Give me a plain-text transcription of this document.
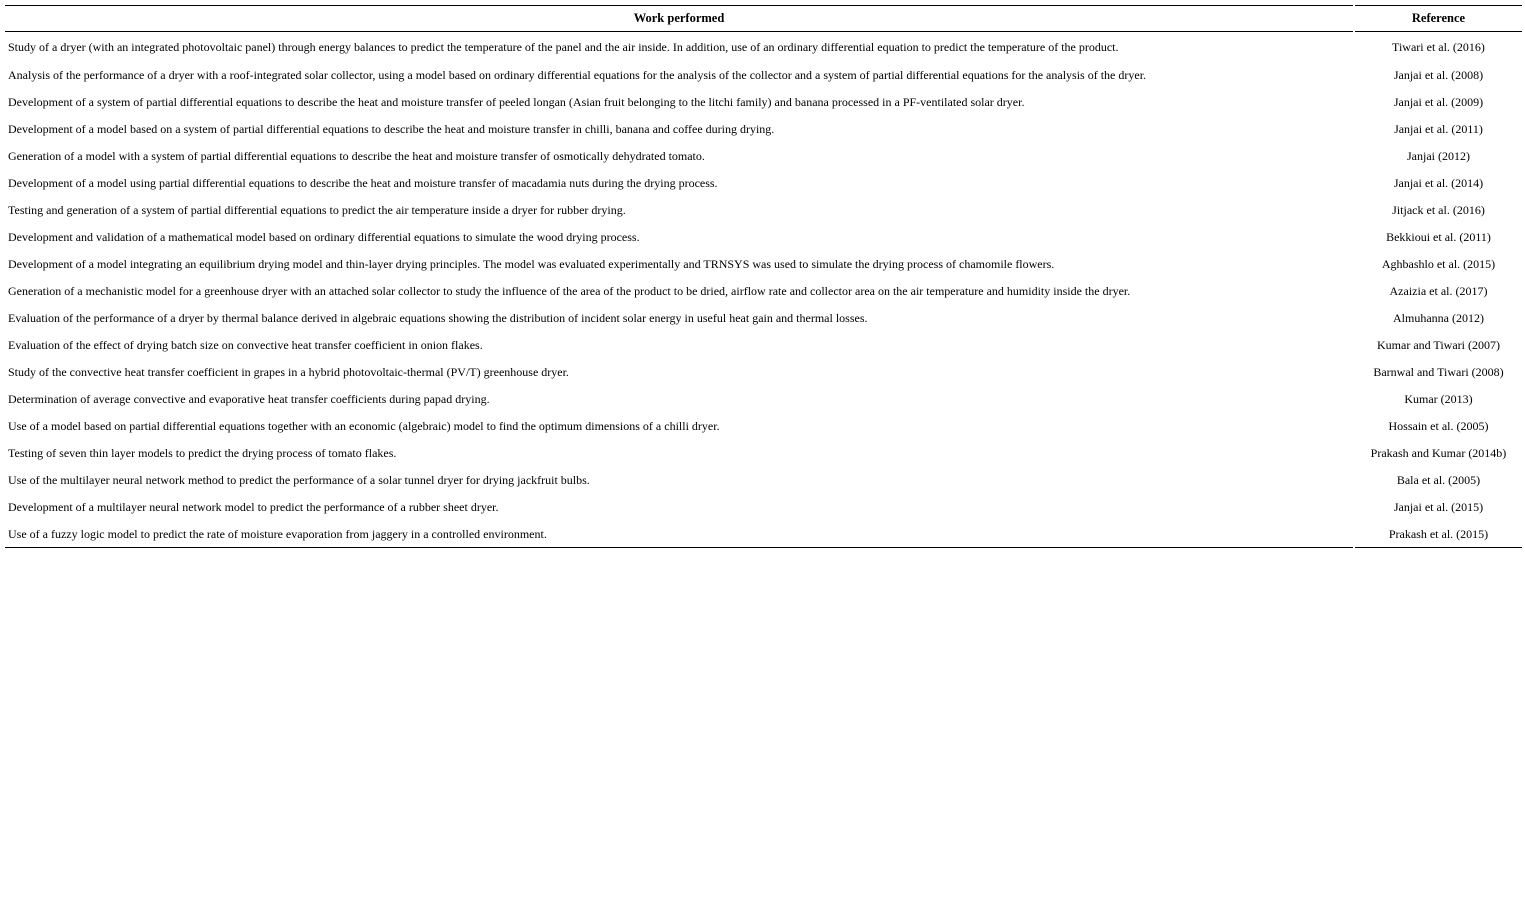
Work performed	Reference
Study of a dryer (with an integrated photovoltaic panel) through energy balances to predict the temperature of the panel and the air inside. In addition, use of an ordinary differential equation to predict the temperature of the product.	Tiwari et al. (2016)
Analysis of the performance of a dryer with a roof-integrated solar collector, using a model based on ordinary differential equations for the analysis of the collector and a system of partial differential equations for the analysis of the dryer.	Janjai et al. (2008)
Development of a system of partial differential equations to describe the heat and moisture transfer of peeled longan (Asian fruit belonging to the litchi family) and banana processed in a PF-ventilated solar dryer.	Janjai et al. (2009)
Development of a model based on a system of partial differential equations to describe the heat and moisture transfer in chilli, banana and coffee during drying.	Janjai et al. (2011)
Generation of a model with a system of partial differential equations to describe the heat and moisture transfer of osmotically dehydrated tomato.	Janjai (2012)
Development of a model using partial differential equations to describe the heat and moisture transfer of macadamia nuts during the drying process.	Janjai et al. (2014)
Testing and generation of a system of partial differential equations to predict the air temperature inside a dryer for rubber drying.	Jitjack et al. (2016)
Development and validation of a mathematical model based on ordinary differential equations to simulate the wood drying process.	Bekkioui et al. (2011)
Development of a model integrating an equilibrium drying model and thin-layer drying principles. The model was evaluated experimentally and TRNSYS was used to simulate the drying process of chamomile flowers.	Aghbashlo et al. (2015)
Generation of a mechanistic model for a greenhouse dryer with an attached solar collector to study the influence of the area of the product to be dried, airflow rate and collector area on the air temperature and humidity inside the dryer.	Azaizia et al. (2017)
Evaluation of the performance of a dryer by thermal balance derived in algebraic equations showing the distribution of incident solar energy in useful heat gain and thermal losses.	Almuhanna (2012)
Evaluation of the effect of drying batch size on convective heat transfer coefficient in onion flakes.	Kumar and Tiwari (2007)
Study of the convective heat transfer coefficient in grapes in a hybrid photovoltaic-thermal (PV/T) greenhouse dryer.	Barnwal and Tiwari (2008)
Determination of average convective and evaporative heat transfer coefficients during papad drying.	Kumar (2013)
Use of a model based on partial differential equations together with an economic (algebraic) model to find the optimum dimensions of a chilli dryer.	Hossain et al. (2005)
Testing of seven thin layer models to predict the drying process of tomato flakes.	Prakash and Kumar (2014b)
Use of the multilayer neural network method to predict the performance of a solar tunnel dryer for drying jackfruit bulbs.	Bala et al. (2005)
Development of a multilayer neural network model to predict the performance of a rubber sheet dryer.	Janjai et al. (2015)
Use of a fuzzy logic model to predict the rate of moisture evaporation from jaggery in a controlled environment.	Prakash et al. (2015)
